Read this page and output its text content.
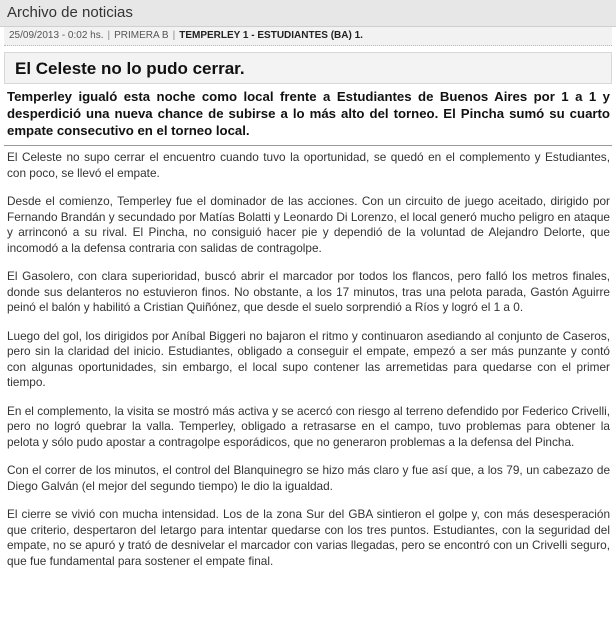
Archivo de noticias
25/09/2013 - 0:02 hs. | PRIMERA B | TEMPERLEY 1 - ESTUDIANTES (BA) 1.
El Celeste no lo pudo cerrar.
Temperley igualó esta noche como local frente a Estudiantes de Buenos Aires por 1 a 1 y desperdició una nueva chance de subirse a lo más alto del torneo. El Pincha sumó su cuarto empate consecutivo en el torneo local.

El Celeste no supo cerrar el encuentro cuando tuvo la oportunidad, se quedó en el complemento y Estudiantes, con poco, se llevó el empate.

Desde el comienzo, Temperley fue el dominador de las acciones. Con un circuito de juego aceitado, dirigido por Fernando Brandán y secundado por Matías Bolatti y Leonardo Di Lorenzo, el local generó mucho peligro en ataque y arrinconó a su rival. El Pincha, no consiguió hacer pie y dependió de la voluntad de Alejandro Delorte, que incomodó a la defensa contraria con salidas de contragolpe.

El Gasolero, con clara superioridad, buscó abrir el marcador por todos los flancos, pero falló los metros finales, donde sus delanteros no estuvieron finos. No obstante, a los 17 minutos, tras una pelota parada, Gastón Aguirre peinó el balón y habilitó a Cristian Quiñónez, que desde el suelo sorprendió a Ríos y logró el 1 a 0.

Luego del gol, los dirigidos por Aníbal Biggeri no bajaron el ritmo y continuaron asediando al conjunto de Caseros, pero sin la claridad del inicio. Estudiantes, obligado a conseguir el empate, empezó a ser más punzante y contó con algunas oportunidades, sin embargo, el local supo contener las arremetidas para quedarse con el primer tiempo.

En el complemento, la visita se mostró más activa y se acercó con riesgo al terreno defendido por Federico Crivelli, pero no logró quebrar la valla. Temperley, obligado a retrasarse en el campo, tuvo problemas para obtener la pelota y sólo pudo apostar a contragolpe esporádicos, que no generaron problemas a la defensa del Pincha.

Con el correr de los minutos, el control del Blanquinegro se hizo más claro y fue así que, a los 79, un cabezazo de Diego Galván (el mejor del segundo tiempo) le dio la igualdad.

El cierre se vivió con mucha intensidad. Los de la zona Sur del GBA sintieron el golpe y, con más desesperación que criterio, despertaron del letargo para intentar quedarse con los tres puntos. Estudiantes, con la seguridad del empate, no se apuró y trató de desnivelar el marcador con varias llegadas, pero se encontró con un Crivelli seguro, que fue fundamental para sostener el empate final.
